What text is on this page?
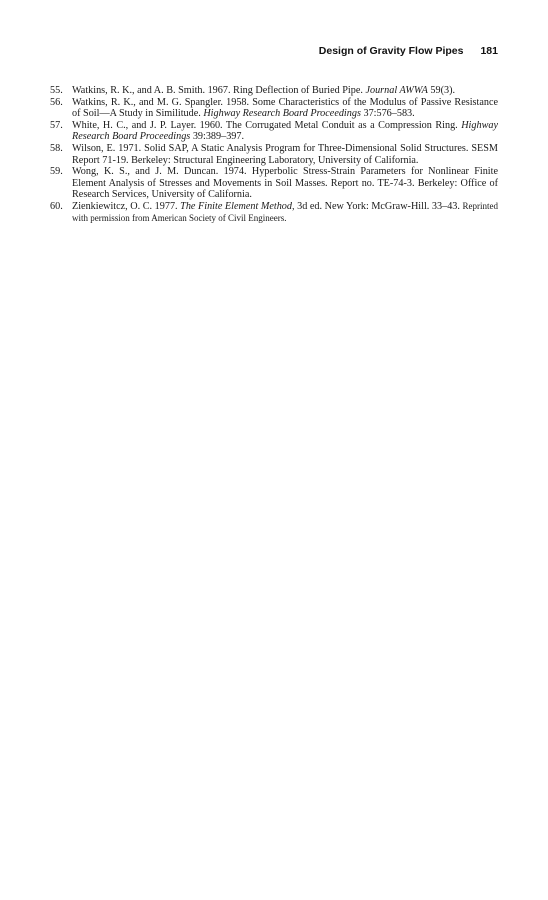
Design of Gravity Flow Pipes 181

55. Watkins, R. K., and A. B. Smith. 1967. Ring Deflection of Buried Pipe. Journal AWWA 59(3).

56. Watkins, R. K., and M. G. Spangler. 1958. Some Characteristics of the Modulus of Passive Resistance of Soil—A Study in Similitude. Highway Research Board Proceedings 37:576–583.

57. White, H. C., and J. P. Layer. 1960. The Corrugated Metal Conduit as a Compression Ring. Highway Research Board Proceedings 39:389–397.

58. Wilson, E. 1971. Solid SAP, A Static Analysis Program for Three-Dimensional Solid Structures. SESM Report 71-19. Berkeley: Structural Engineering Laboratory, University of California.

59. Wong, K. S., and J. M. Duncan. 1974. Hyperbolic Stress-Strain Parameters for Nonlinear Finite Element Analysis of Stresses and Movements in Soil Masses. Report no. TE-74-3. Berkeley: Office of Research Services, University of California.

60. Zienkiewitcz, O. C. 1977. The Finite Element Method, 3d ed. New York: McGraw-Hill. 33–43. Reprinted with permission from American Society of Civil Engineers.
